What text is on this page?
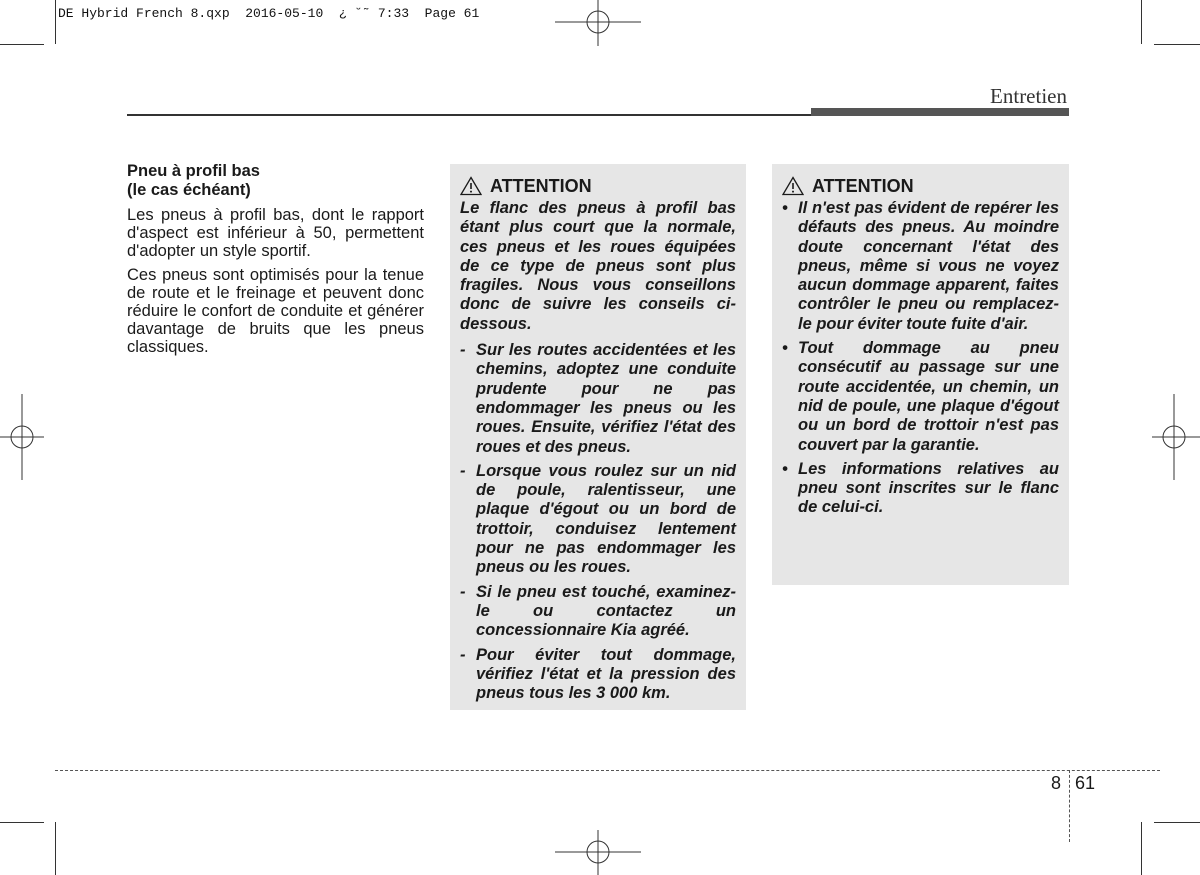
DE Hybrid French 8.qxp  2016-05-10  ¿ ˘˜ 7:33  Page 61
Entretien

Pneu à profil bas
(le cas échéant)

Les pneus à profil bas, dont le rapport d'aspect est inférieur à 50, permettent d'adopter un style sportif.

Ces pneus sont optimisés pour la tenue de route et le freinage et peuvent donc réduire le confort de conduite et générer davantage de bruits que les pneus classiques.

ATTENTION

Le flanc des pneus à profil bas étant plus court que la normale, ces pneus et les roues équipées de ce type de pneus sont plus fragiles. Nous vous conseillons donc de suivre les conseils ci-dessous.

- Sur les routes accidentées et les chemins, adoptez une conduite prudente pour ne pas endommager les pneus ou les roues. Ensuite, vérifiez l'état des roues et des pneus.
- Lorsque vous roulez sur un nid de poule, ralentisseur, une plaque d'égout ou un bord de trottoir, conduisez lentement pour ne pas endommager les pneus ou les roues.
- Si le pneu est touché, examinez-le ou contactez un concessionnaire Kia agréé.
- Pour éviter tout dommage, vérifiez l'état et la pression des pneus tous les 3 000 km.
ATTENTION
• Il n'est pas évident de repérer les défauts des pneus. Au moindre doute concernant l'état des pneus, même si vous ne voyez aucun dommage apparent, faites contrôler le pneu ou remplacez-le pour éviter toute fuite d'air.
• Tout dommage au pneu consécutif au passage sur une route accidentée, un chemin, un nid de poule, une plaque d'égout ou un bord de trottoir n'est pas couvert par la garantie.
• Les informations relatives au pneu sont inscrites sur le flanc de celui-ci.
8 61
